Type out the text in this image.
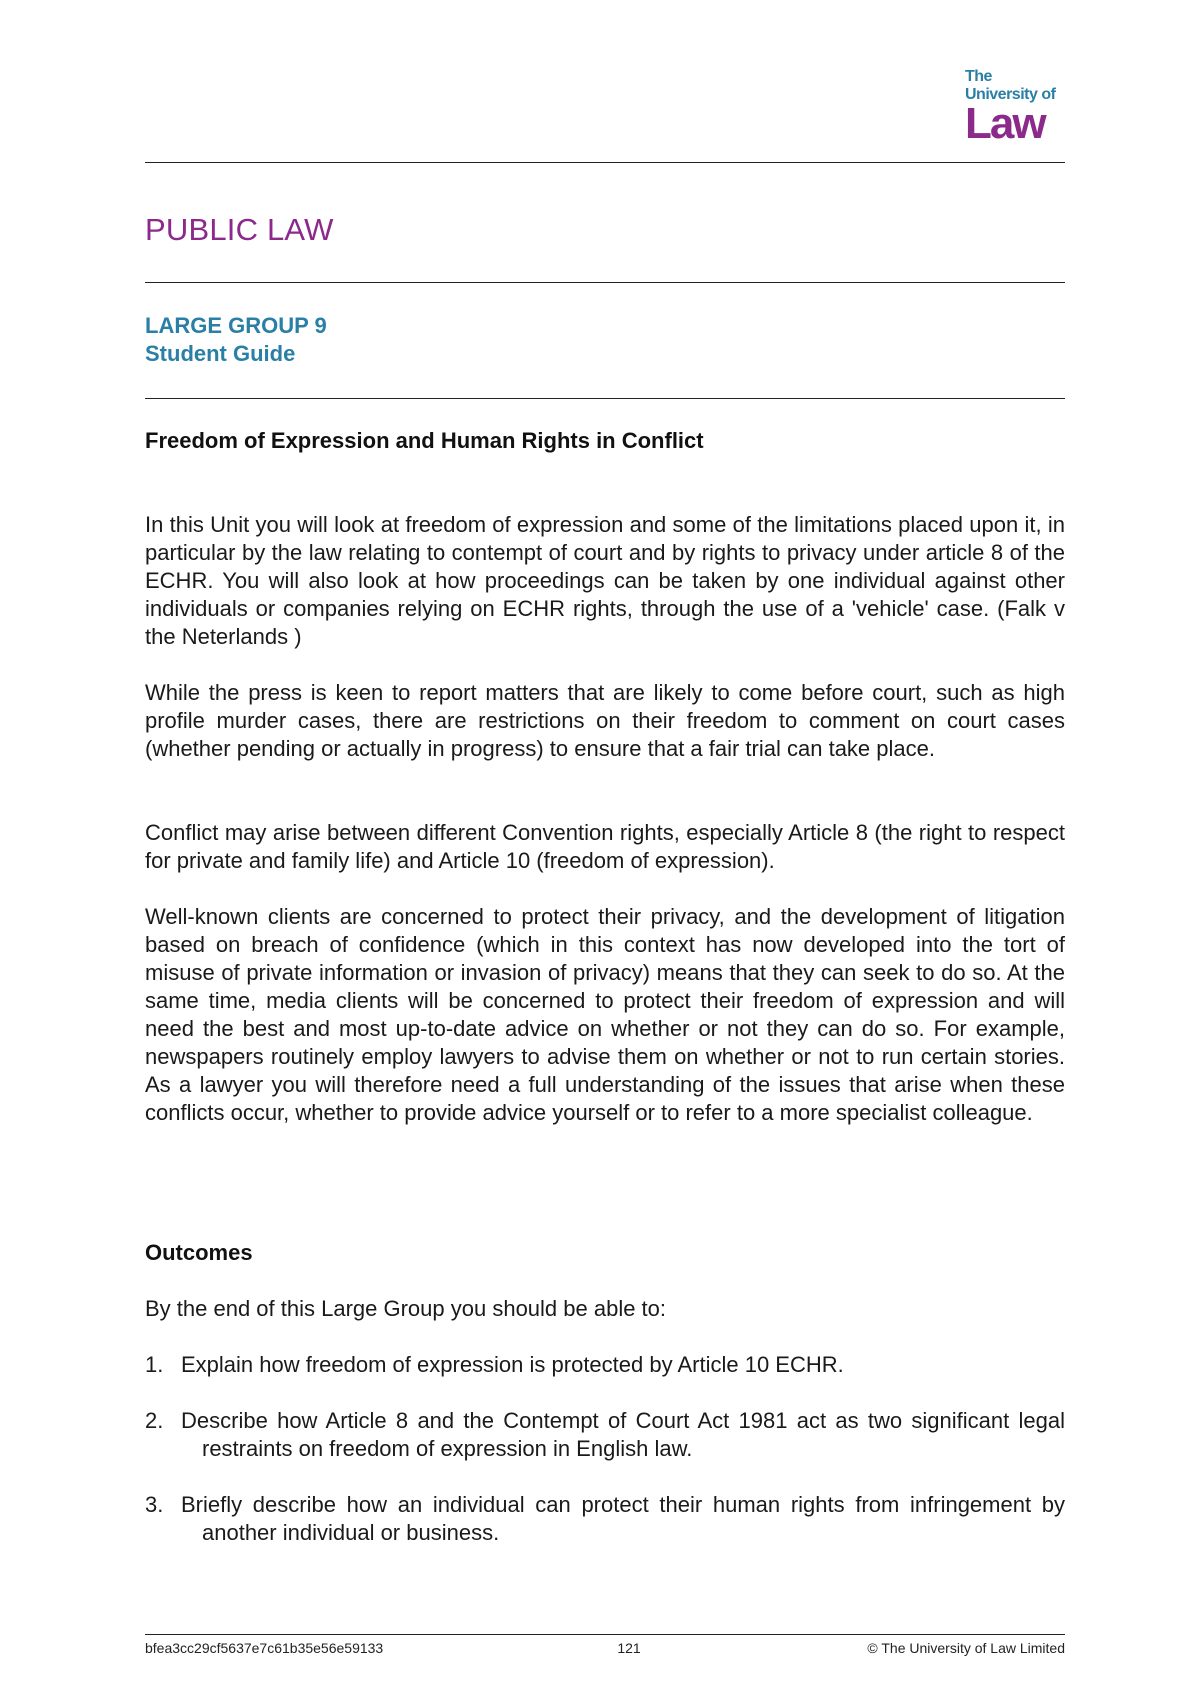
The
University of
Law
PUBLIC LAW
LARGE GROUP 9
Student Guide
Freedom of Expression and Human Rights in Conflict

In this Unit you will look at freedom of expression and some of the limitations placed upon it, in particular by the law relating to contempt of court and by rights to privacy under article 8 of the ECHR. You will also look at how proceedings can be taken by one individual against other individuals or companies relying on ECHR rights, through the use of a 'vehicle' case. (Falk v the Neterlands )

While the press is keen to report matters that are likely to come before court, such as high profile murder cases, there are restrictions on their freedom to comment on court cases (whether pending or actually in progress) to ensure that a fair trial can take place.

Conflict may arise between different Convention rights, especially Article 8 (the right to respect for private and family life) and Article 10 (freedom of expression).

Well-known clients are concerned to protect their privacy, and the development of litigation based on breach of confidence (which in this context has now developed into the tort of misuse of private information or invasion of privacy) means that they can seek to do so. At the same time, media clients will be concerned to protect their freedom of expression and will need the best and most up-to-date advice on whether or not they can do so. For example, newspapers routinely employ lawyers to advise them on whether or not to run certain stories. As a lawyer you will therefore need a full understanding of the issues that arise when these conflicts occur, whether to provide advice yourself or to refer to a more specialist colleague.

Outcomes

By the end of this Large Group you should be able to:

1. Explain how freedom of expression is protected by Article 10 ECHR.
2. Describe how Article 8 and the Contempt of Court Act 1981 act as two significant legal restraints on freedom of expression in English law.
3. Briefly describe how an individual can protect their human rights from infringement by another individual or business.
bfea3cc29cf5637e7c61b35e56e59133	121	© The University of Law Limited
